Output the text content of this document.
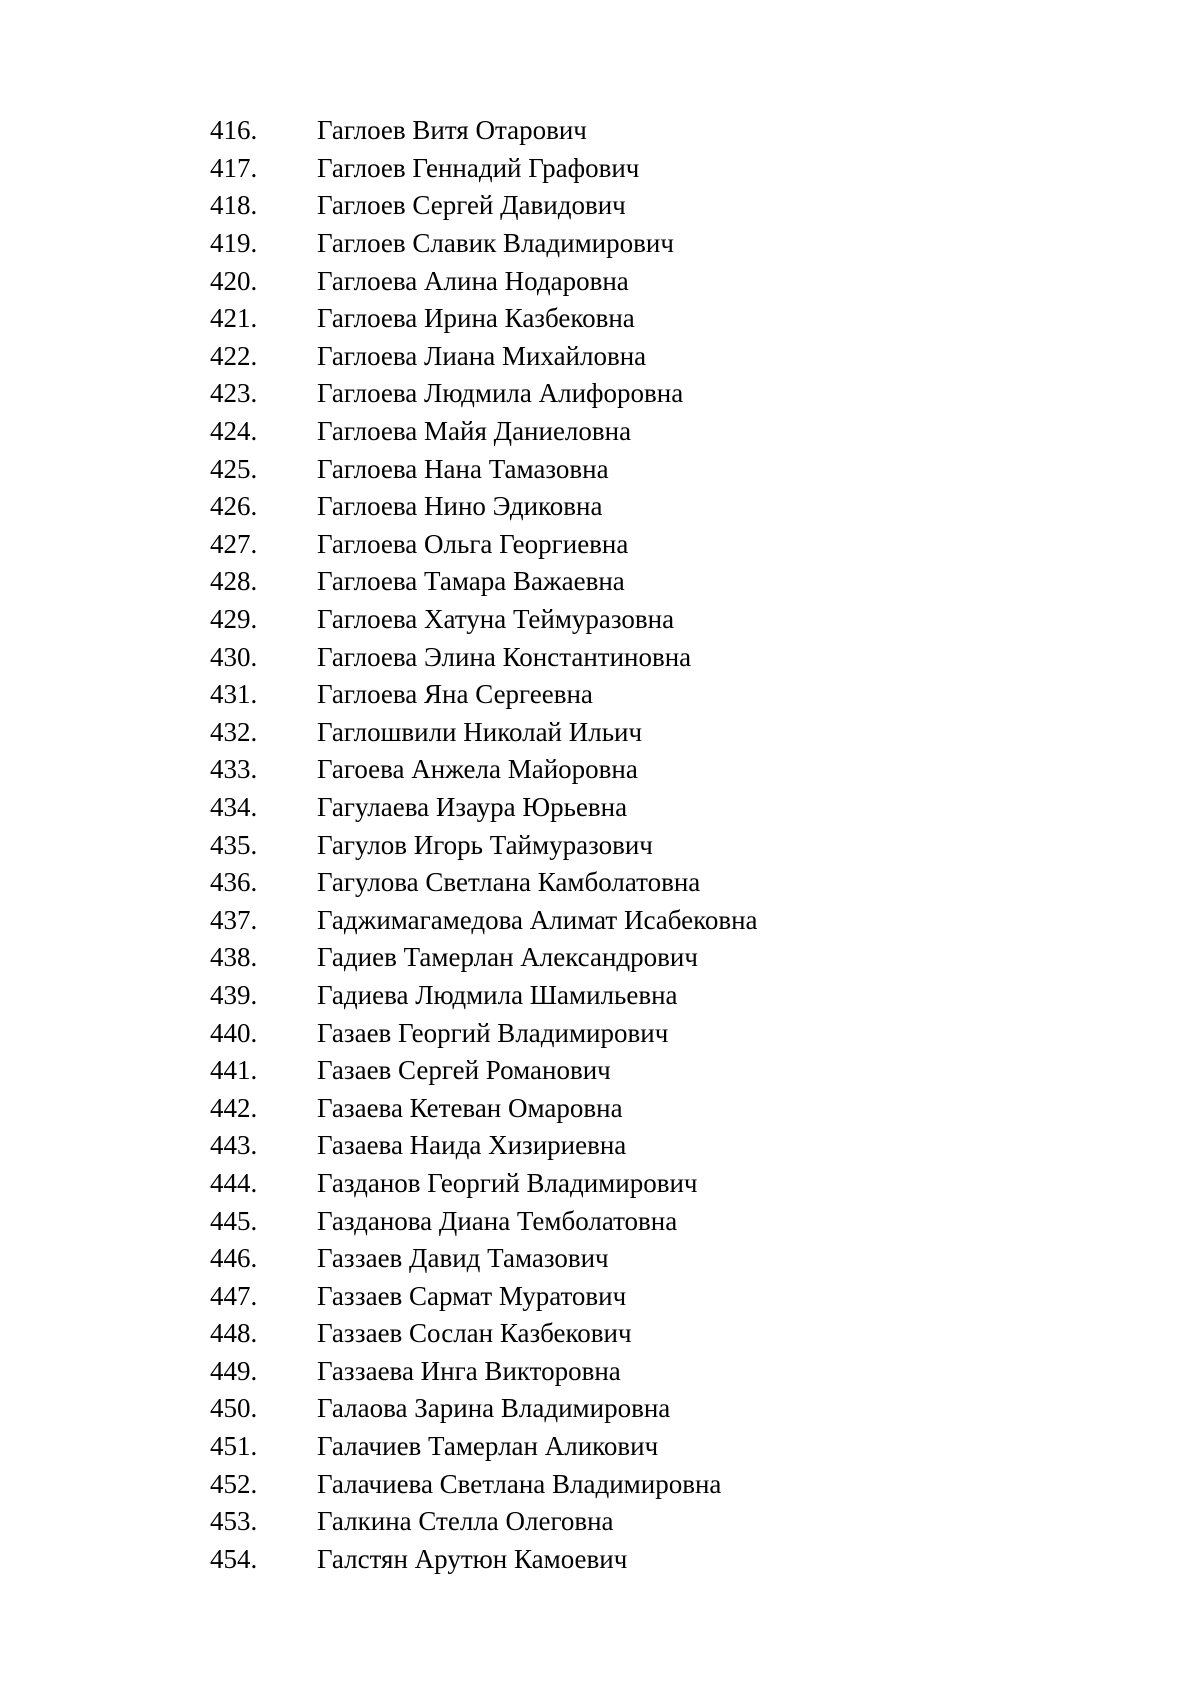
416.	Гаглоев Витя Отарович
417.	Гаглоев Геннадий Графович
418.	Гаглоев Сергей Давидович
419.	Гаглоев Славик Владимирович
420.	Гаглоева Алина Нодаровна
421.	Гаглоева Ирина Казбековна
422.	Гаглоева Лиана Михайловна
423.	Гаглоева Людмила Алифоровна
424.	Гаглоева Майя Даниеловна
425.	Гаглоева Нана Тамазовна
426.	Гаглоева Нино Эдиковна
427.	Гаглоева Ольга Георгиевна
428.	Гаглоева Тамара Важаевна
429.	Гаглоева Хатуна Теймуразовна
430.	Гаглоева Элина Константиновна
431.	Гаглоева Яна Сергеевна
432.	Гаглошвили Николай Ильич
433.	Гагоева Анжела Майоровна
434.	Гагулаева Изаура Юрьевна
435.	Гагулов Игорь Таймуразович
436.	Гагулова Светлана Камболатовна
437.	Гаджимагамедова Алимат Исабековна
438.	Гадиев Тамерлан Александрович
439.	Гадиева Людмила Шамильевна
440.	Газаев Георгий Владимирович
441.	Газаев Сергей Романович
442.	Газаева Кетеван Омаровна
443.	Газаева Наида Хизириевна
444.	Газданов Георгий Владимирович
445.	Газданова Диана Темболатовна
446.	Газзаев Давид Тамазович
447.	Газзаев Сармат Муратович
448.	Газзаев Сослан Казбекович
449.	Газзаева Инга Викторовна
450.	Галаова Зарина Владимировна
451.	Галачиев Тамерлан Аликович
452.	Галачиева Светлана Владимировна
453.	Галкина Стелла Олеговна
454.	Галстян Арутюн Камоевич
